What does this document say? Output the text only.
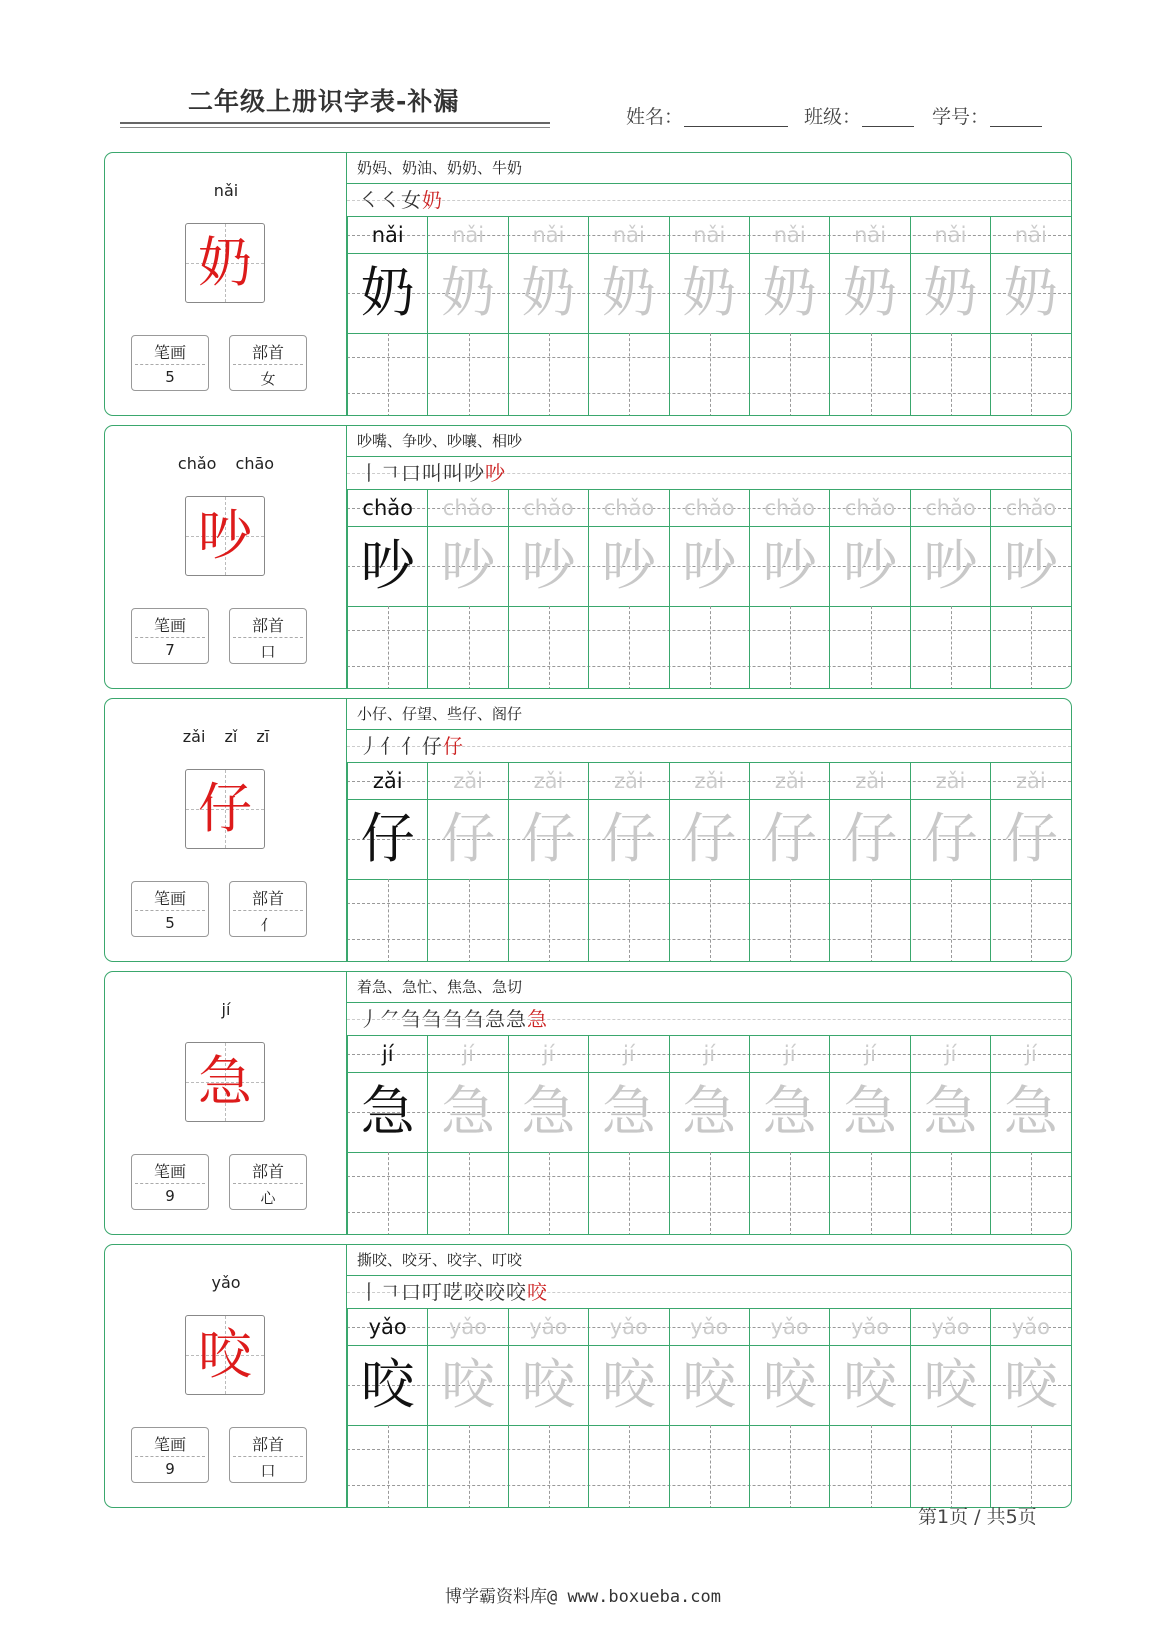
二年级上册识字表-补漏
姓名：	班级：	学号：
nǎi
奶
笔画
5
部首
女
奶妈、奶油、奶奶、牛奶
㇛㇛女奶
nǎi
奶
nǎi
奶
nǎi
奶
nǎi
奶
nǎi
奶
nǎi
奶
nǎi
奶
nǎi
奶
nǎi
奶
chǎo chāo
吵
笔画
7
部首
口
吵嘴、争吵、吵嚷、相吵
丨𠃍口叫叫吵吵
chǎo
吵
chǎo
吵
chǎo
吵
chǎo
吵
chǎo
吵
chǎo
吵
chǎo
吵
chǎo
吵
chǎo
吵
zǎi zǐ zī
仔
笔画
5
部首
亻
小仔、仔望、些仔、阁仔
丿亻亻仔仔
zǎi
仔
zǎi
仔
zǎi
仔
zǎi
仔
zǎi
仔
zǎi
仔
zǎi
仔
zǎi
仔
zǎi
仔
jí
急
笔画
9
部首
心
着急、急忙、焦急、急切
丿⺈刍刍刍刍急急急
jí
急
jí
急
jí
急
jí
急
jí
急
jí
急
jí
急
jí
急
jí
急
yǎo
咬
笔画
9
部首
口
撕咬、咬牙、咬字、叮咬
丨𠃍口叮呓咬咬咬咬
yǎo
咬
yǎo
咬
yǎo
咬
yǎo
咬
yǎo
咬
yǎo
咬
yǎo
咬
yǎo
咬
yǎo
咬
第1页 / 共5页
博学霸资料库@ www.boxueba.com
